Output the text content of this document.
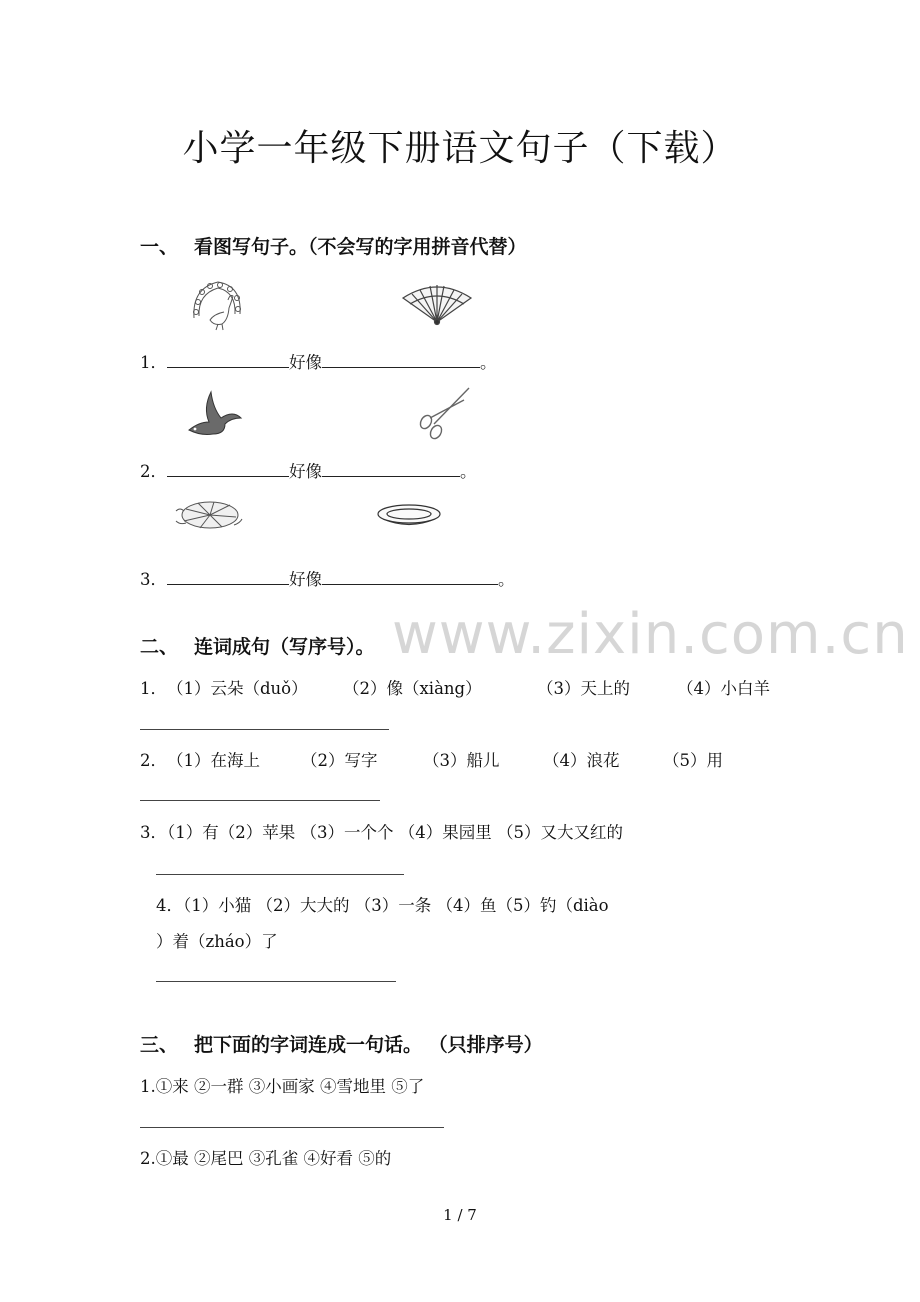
小学一年级下册语文句子（下载）
一、 看图写句子。（不会写的字用拼音代替）
1．	好像	。
2．	好像	。
3．	好像	。
www.zixin.com.cn
二、 连词成句（写序号）。
1．（1）云朵（duǒ） （2）像（xiàng）	（3）天上的	（4）小白羊
2．（1）在海上 （2）写字	（3）船儿	（4）浪花	（5）用
3．（1）有（2）苹果 （3）一个个 （4）果园里 （5）又大又红的
4．（1）小猫 （2）大大的 （3）一条 （4）鱼（5）钓（diào
）着（zháo）了
三、 把下面的字词连成一句话。 （只排序号）
1.①来 ②一群 ③小画家 ④雪地里 ⑤了
2.①最 ②尾巴 ③孔雀 ④好看 ⑤的
1 / 7
